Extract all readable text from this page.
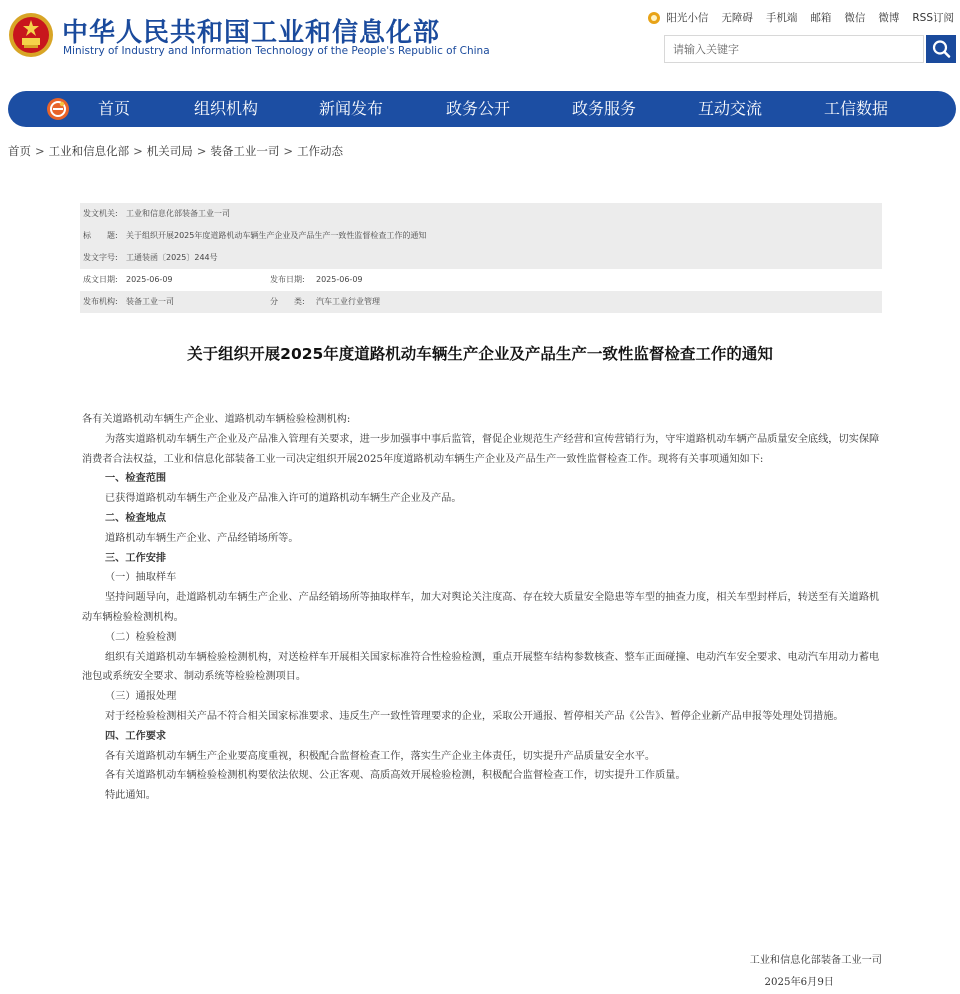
中华人民共和国工业和信息化部
Ministry of Industry and Information Technology of the People's Republic of China
阳光小信 无障碍 手机端 邮箱 微信 微博 RSS订阅
请输入关键字
首页	组织机构	新闻发布	政务公开	政务服务	互动交流	工信数据
首页 > 工业和信息化部 > 机关司局 > 装备工业一司 > 工作动态
发文机关: 工业和信息化部装备工业一司
标　　题: 关于组织开展2025年度道路机动车辆生产企业及产品生产一致性监督检查工作的通知
发文字号: 工通装函〔2025〕244号
成文日期: 2025-06-09	发布日期: 2025-06-09
发布机构: 装备工业一司	分　　类: 汽车工业行业管理
关于组织开展2025年度道路机动车辆生产企业及产品生产一致性监督检查工作的通知

各有关道路机动车辆生产企业、道路机动车辆检验检测机构:

为落实道路机动车辆生产企业及产品准入管理有关要求，进一步加强事中事后监管，督促企业规范生产经营和宣传营销行为，守牢道路机动车辆产品质量安全底线，切实保障消费者合法权益，工业和信息化部装备工业一司决定组织开展2025年度道路机动车辆生产企业及产品生产一致性监督检查工作。现将有关事项通知如下:

一、检查范围

已获得道路机动车辆生产企业及产品准入许可的道路机动车辆生产企业及产品。

二、检查地点

道路机动车辆生产企业、产品经销场所等。

三、工作安排

（一）抽取样车

坚持问题导向，赴道路机动车辆生产企业、产品经销场所等抽取样车，加大对舆论关注度高、存在较大质量安全隐患等车型的抽查力度，相关车型封样后，转送至有关道路机动车辆检验检测机构。

（二）检验检测

组织有关道路机动车辆检验检测机构，对送检样车开展相关国家标准符合性检验检测，重点开展整车结构参数核查、整车正面碰撞、电动汽车安全要求、电动汽车用动力蓄电池包或系统安全要求、制动系统等检验检测项目。

（三）通报处理

对于经检验检测相关产品不符合相关国家标准要求、违反生产一致性管理要求的企业，采取公开通报、暂停相关产品《公告》、暂停企业新产品申报等处理处罚措施。

四、工作要求

各有关道路机动车辆生产企业要高度重视，积极配合监督检查工作，落实生产企业主体责任，切实提升产品质量安全水平。

各有关道路机动车辆检验检测机构要依法依规、公正客观、高质高效开展检验检测，积极配合监督检查工作，切实提升工作质量。

特此通知。

工业和信息化部装备工业一司
2025年6月9日
